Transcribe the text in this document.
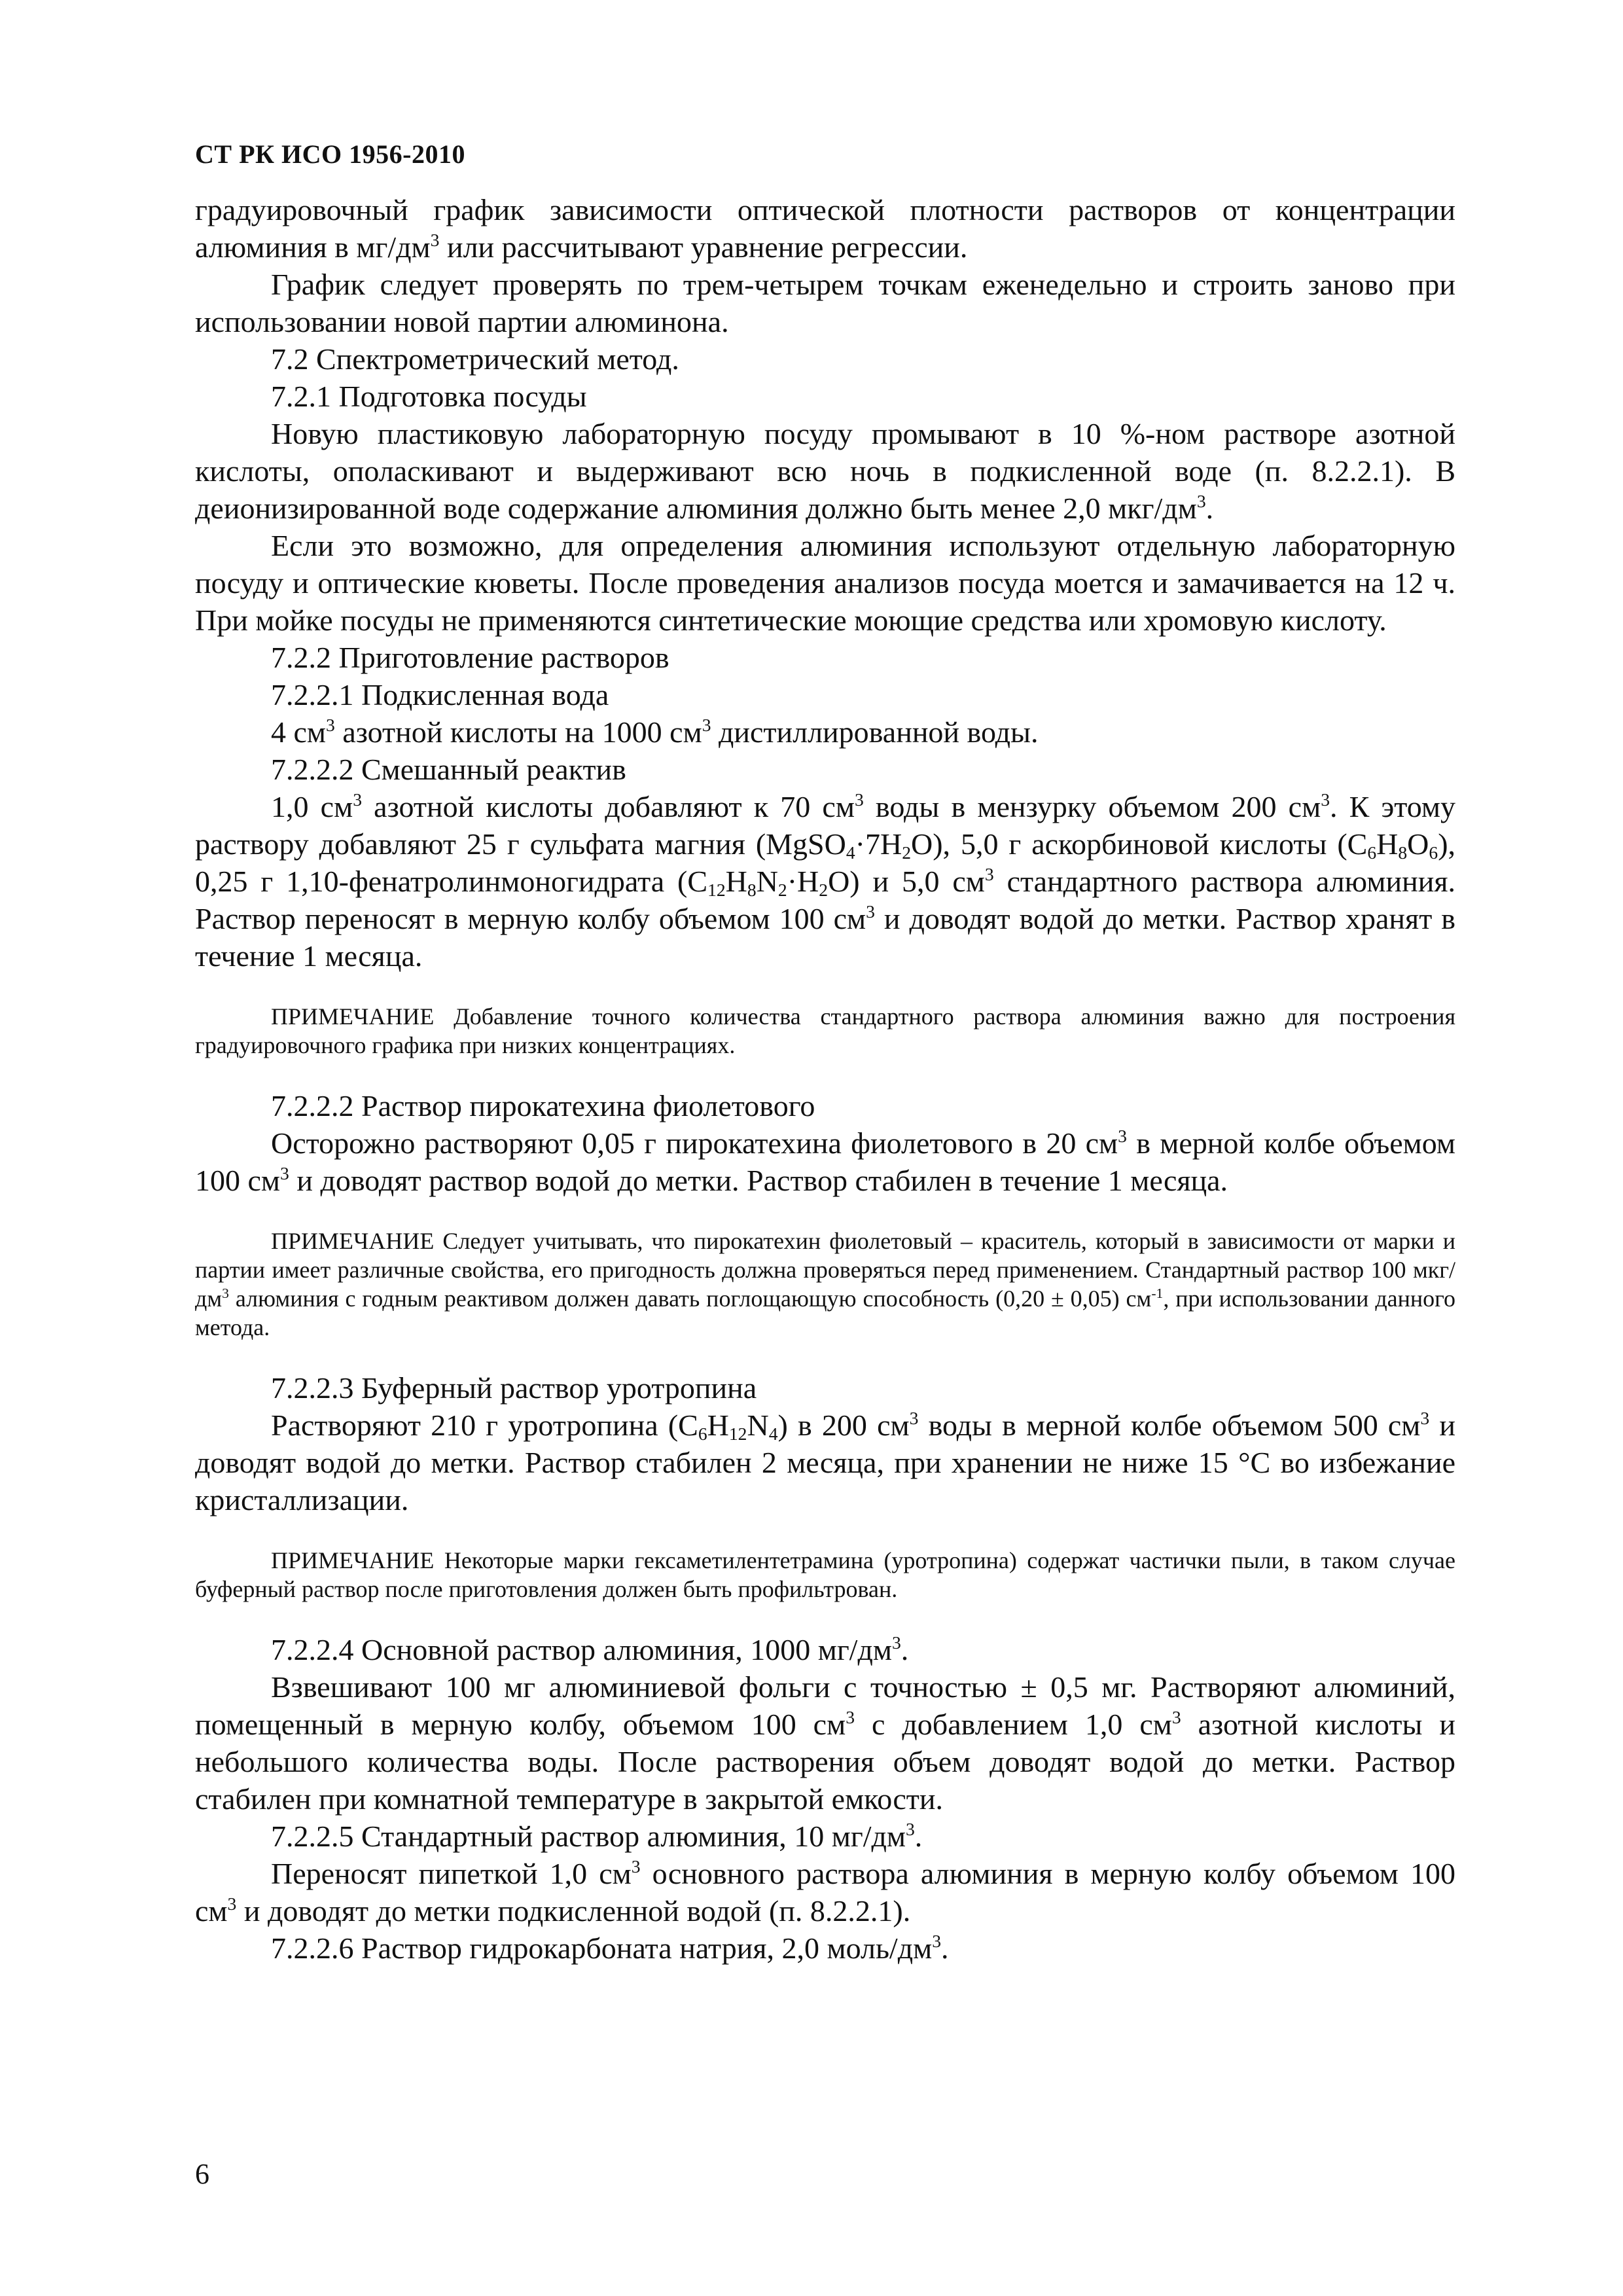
СТ РК ИСО 1956-2010

градуировочный график зависимости оптической плотности растворов от концентрации алюминия в $мг/дм^3$ или рассчитывают уравнение регрессии.

График следует проверять по трем-четырем точкам еженедельно и строить заново при использовании новой партии алюминона.

7.2 Спектрометрический метод.

7.2.1 Подготовка посуды

Новую пластиковую лабораторную посуду промывают в 10 %-ном растворе азотной кислоты, ополаскивают и выдерживают всю ночь в подкисленной воде (п. 8.2.2.1). В деионизированной воде содержание алюминия должно быть менее 2,0 мкг/$дм^3$.

Если это возможно, для определения алюминия используют отдельную лабораторную посуду и оптические кюветы. После проведения анализов посуда моется и замачивается на 12 ч. При мойке посуды не применяются синтетические моющие средства или хромовую кислоту.

7.2.2 Приготовление растворов

7.2.2.1 Подкисленная вода

4 $см^3$ азотной кислоты на 1000 $см^3$ дистиллированной воды.

7.2.2.2 Смешанный реактив

1,0 $см^3$ азотной кислоты добавляют к 70 $см^3$ воды в мензурку объемом 200 $см^3$. К этому раствору добавляют 25 г сульфата магния $(MgSO_4\cdot 7H_2O)$, 5,0 г аскорбиновой кислоты $(C_6H_8O_6)$, 0,25 г 1,10-фенатролинмоногидрата $(C_{12}H_8N_2\cdot H_2O)$ и 5,0 $см^3$ стандартного раствора алюминия. Раствор переносят в мерную колбу объемом 100 $см^3$ и доводят водой до метки. Раствор хранят в течение 1 месяца.

ПРИМЕЧАНИЕ Добавление точного количества стандартного раствора алюминия важно для построения градуировочного графика при низких концентрациях.

7.2.2.2 Раствор пирокатехина фиолетового

Осторожно растворяют 0,05 г пирокатехина фиолетового в 20 $см^3$ в мерной колбе объемом 100 $см^3$ и доводят раствор водой до метки. Раствор стабилен в течение 1 месяца.

ПРИМЕЧАНИЕ Следует учитывать, что пирокатехин фиолетовый – краситель, который в зависимости от марки и партии имеет различные свойства, его пригодность должна проверяться перед применением. Стандартный раствор 100 мкг/$дм^3$ алюминия с годным реактивом должен давать поглощающую способность (0,20 ± 0,05) $см^{-1}$, при использовании данного метода.

7.2.2.3 Буферный раствор уротропина

Растворяют 210 г уротропина $(C_6H_{12}N_4)$ в 200 $см^3$ воды в мерной колбе объемом 500 $см^3$ и доводят водой до метки. Раствор стабилен 2 месяца, при хранении не ниже 15 °С во избежание кристаллизации.

ПРИМЕЧАНИЕ Некоторые марки гексаметилентетрамина (уротропина) содержат частички пыли, в таком случае буферный раствор после приготовления должен быть профильтрован.

7.2.2.4 Основной раствор алюминия, 1000 $мг/дм^3$.

Взвешивают 100 мг алюминиевой фольги с точностью ± 0,5 мг. Растворяют алюминий, помещенный в мерную колбу, объемом 100 $см^3$ с добавлением 1,0 $см^3$ азотной кислоты и небольшого количества воды. После растворения объем доводят водой до метки. Раствор стабилен при комнатной температуре в закрытой емкости.

7.2.2.5 Стандартный раствор алюминия, 10 $мг/дм^3$.

Переносят пипеткой 1,0 $см^3$ основного раствора алюминия в мерную колбу объемом 100 $см^3$ и доводят до метки подкисленной водой (п. 8.2.2.1).

7.2.2.6 Раствор гидрокарбоната натрия, 2,0 моль/$дм^3$.

6
